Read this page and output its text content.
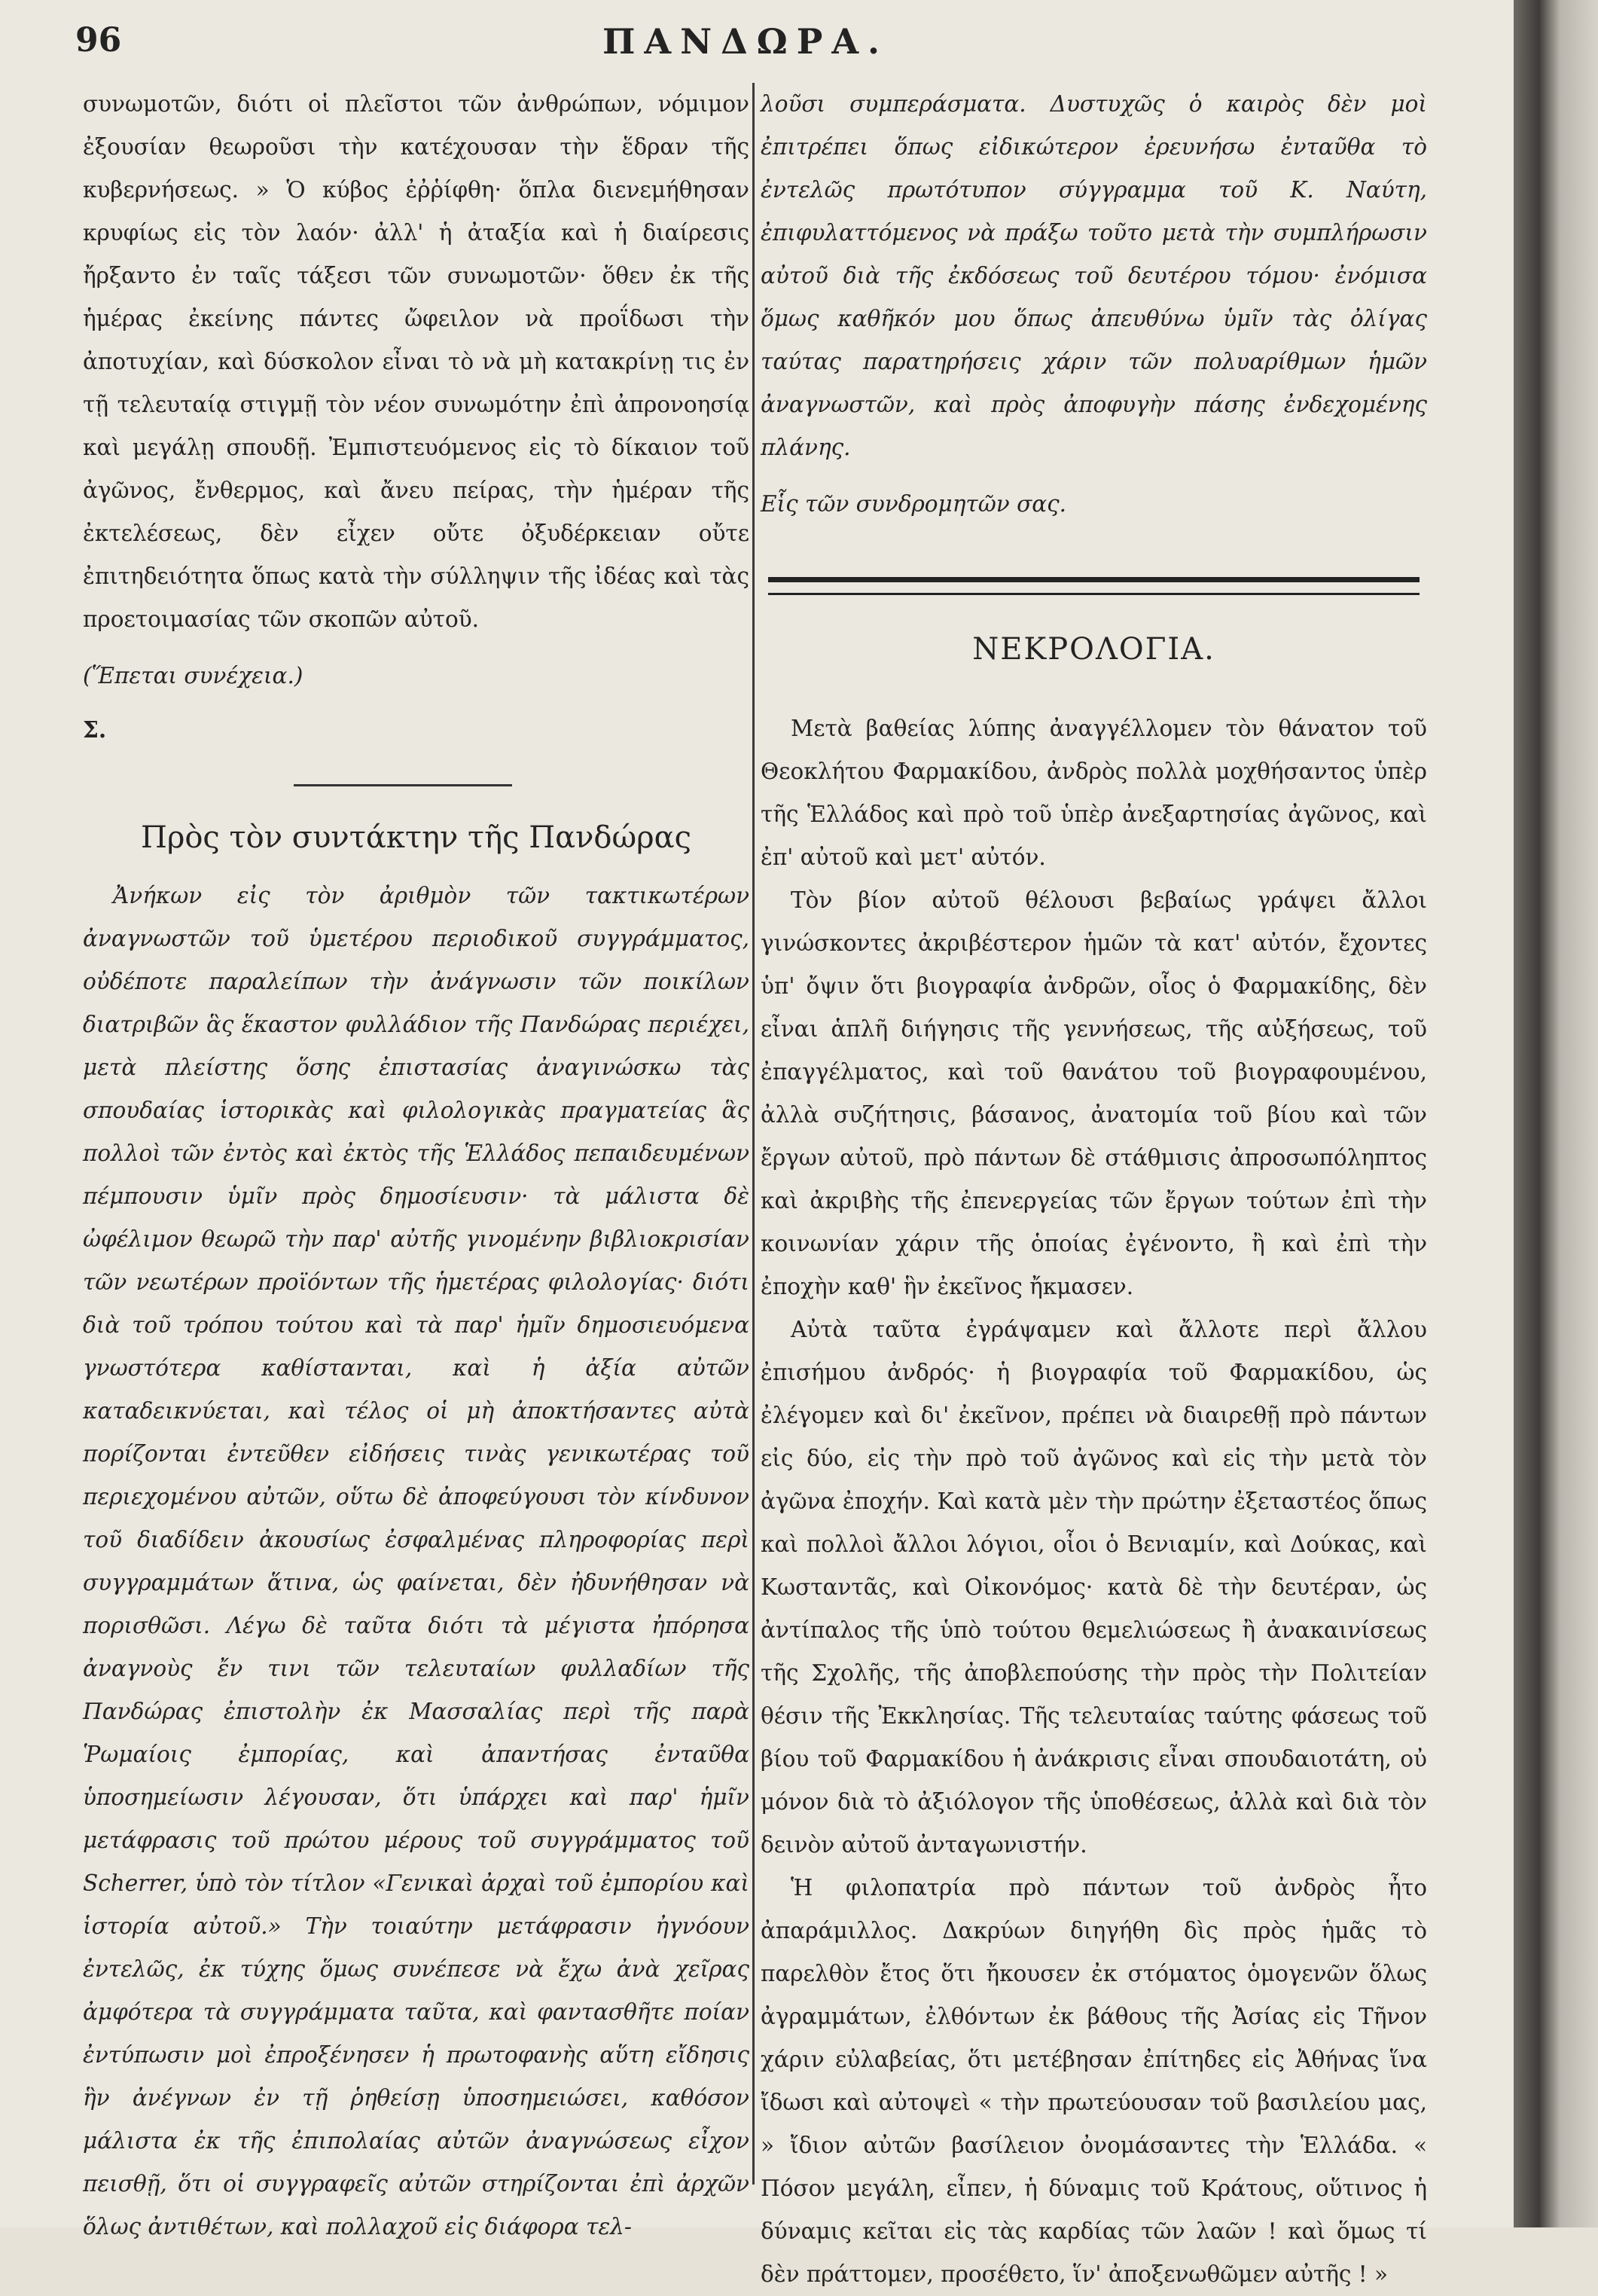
96	ΠΑΝΔΩΡΑ.

συνωμοτῶν, διότι οἱ πλεῖστοι τῶν ἀνθρώπων, νόμιμον ἐξουσίαν θεωροῦσι τὴν κατέχουσαν τὴν ἕδραν τῆς κυβερνήσεως. » Ὁ κύβος ἐῤῥίφθη· ὅπλα διενεμήθησαν κρυφίως εἰς τὸν λαόν· ἀλλ' ἡ ἀταξία καὶ ἡ διαίρεσις ἤρξαντο ἐν ταῖς τάξεσι τῶν συνωμοτῶν· ὅθεν ἐκ τῆς ἡμέρας ἐκείνης πάντες ὤφειλον νὰ προΐδωσι τὴν ἀποτυχίαν, καὶ δύσκολον εἶναι τὸ νὰ μὴ κατακρίνῃ τις ἐν τῇ τελευταίᾳ στιγμῇ τὸν νέον συνωμότην ἐπὶ ἀπρονοησίᾳ καὶ μεγάλῃ σπουδῇ. Ἐμπιστευόμενος εἰς τὸ δίκαιον τοῦ ἀγῶνος, ἔνθερμος, καὶ ἄνευ πείρας, τὴν ἡμέραν τῆς ἐκτελέσεως, δὲν εἶχεν οὔτε ὀξυδέρκειαν οὔτε ἐπιτηδειότητα ὅπως κατὰ τὴν σύλληψιν τῆς ἰδέας καὶ τὰς προετοιμασίας τῶν σκοπῶν αὐτοῦ.

(Ἕπεται συνέχεια.)

Σ.

Πρὸς τὸν συντάκτην τῆς Πανδώρας

Ἀνήκων εἰς τὸν ἀριθμὸν τῶν τακτικωτέρων ἀναγνωστῶν τοῦ ὑμετέρου περιοδικοῦ συγγράμματος, οὐδέποτε παραλείπων τὴν ἀνάγνωσιν τῶν ποικίλων διατριβῶν ἃς ἕκαστον φυλλάδιον τῆς Πανδώρας περιέχει, μετὰ πλείστης ὅσης ἐπιστασίας ἀναγινώσκω τὰς σπουδαίας ἱστορικὰς καὶ φιλολογικὰς πραγματείας ἃς πολλοὶ τῶν ἐντὸς καὶ ἐκτὸς τῆς Ἑλλάδος πεπαιδευμένων πέμπουσιν ὑμῖν πρὸς δημοσίευσιν· τὰ μάλιστα δὲ ὠφέλιμον θεωρῶ τὴν παρ' αὐτῆς γινομένην βιβλιοκρισίαν τῶν νεωτέρων προϊόντων τῆς ἡμετέρας φιλολογίας· διότι διὰ τοῦ τρόπου τούτου καὶ τὰ παρ' ἡμῖν δημοσιευόμενα γνωστότερα καθίστανται, καὶ ἡ ἀξία αὐτῶν καταδεικνύεται, καὶ τέλος οἱ μὴ ἀποκτήσαντες αὐτὰ πορίζονται ἐντεῦθεν εἰδήσεις τινὰς γενικωτέρας τοῦ περιεχομένου αὐτῶν, οὕτω δὲ ἀποφεύγουσι τὸν κίνδυνον τοῦ διαδίδειν ἀκουσίως ἐσφαλμένας πληροφορίας περὶ συγγραμμάτων ἅτινα, ὡς φαίνεται, δὲν ἠδυνήθησαν νὰ πορισθῶσι. Λέγω δὲ ταῦτα διότι τὰ μέγιστα ἠπόρησα ἀναγνοὺς ἔν τινι τῶν τελευταίων φυλλαδίων τῆς Πανδώρας ἐπιστολὴν ἐκ Μασσαλίας περὶ τῆς παρὰ Ῥωμαίοις ἐμπορίας, καὶ ἀπαντήσας ἐνταῦθα ὑποσημείωσιν λέγουσαν, ὅτι ὑπάρχει καὶ παρ' ἡμῖν μετάφρασις τοῦ πρώτου μέρους τοῦ συγγράμματος τοῦ Scherrer, ὑπὸ τὸν τίτλον «Γενικαὶ ἀρχαὶ τοῦ ἐμπορίου καὶ ἱστορία αὐτοῦ.» Τὴν τοιαύτην μετάφρασιν ἠγνόουν ἐντελῶς, ἐκ τύχης ὅμως συνέπεσε νὰ ἔχω ἀνὰ χεῖρας ἀμφότερα τὰ συγγράμματα ταῦτα, καὶ φαντασθῆτε ποίαν ἐντύπωσιν μοὶ ἐπροξένησεν ἡ πρωτοφανὴς αὕτη εἴδησις ἣν ἀνέγνων ἐν τῇ ῥηθείσῃ ὑποσημειώσει, καθόσον μάλιστα ἐκ τῆς ἐπιπολαίας αὐτῶν ἀναγνώσεως εἶχον πεισθῇ, ὅτι οἱ συγγραφεῖς αὐτῶν στηρίζονται ἐπὶ ἀρχῶν ὅλως ἀντιθέτων, καὶ πολλαχοῦ εἰς διάφορα τελ-

λοῦσι συμπεράσματα. Δυστυχῶς ὁ καιρὸς δὲν μοὶ ἐπιτρέπει ὅπως εἰδικώτερον ἐρευνήσω ἐνταῦθα τὸ ἐντελῶς πρωτότυπον σύγγραμμα τοῦ Κ. Ναύτη, ἐπιφυλαττόμενος νὰ πράξω τοῦτο μετὰ τὴν συμπλήρωσιν αὐτοῦ διὰ τῆς ἐκδόσεως τοῦ δευτέρου τόμου· ἐνόμισα ὅμως καθῆκόν μου ὅπως ἀπευθύνω ὑμῖν τὰς ὀλίγας ταύτας παρατηρήσεις χάριν τῶν πολυαρίθμων ἡμῶν ἀναγνωστῶν, καὶ πρὸς ἀποφυγὴν πάσης ἐνδεχομένης πλάνης.

Εἷς τῶν συνδρομητῶν σας.

ΝΕΚΡΟΛΟΓΙΑ.

Μετὰ βαθείας λύπης ἀναγγέλλομεν τὸν θάνατον τοῦ Θεοκλήτου Φαρμακίδου, ἀνδρὸς πολλὰ μοχθήσαντος ὑπὲρ τῆς Ἑλλάδος καὶ πρὸ τοῦ ὑπὲρ ἀνεξαρτησίας ἀγῶνος, καὶ ἐπ' αὐτοῦ καὶ μετ' αὐτόν.

Τὸν βίον αὐτοῦ θέλουσι βεβαίως γράψει ἄλλοι γινώσκοντες ἀκριβέστερον ἡμῶν τὰ κατ' αὐτόν, ἔχοντες ὑπ' ὄψιν ὅτι βιογραφία ἀνδρῶν, οἷος ὁ Φαρμακίδης, δὲν εἶναι ἁπλῆ διήγησις τῆς γεννήσεως, τῆς αὐξήσεως, τοῦ ἐπαγγέλματος, καὶ τοῦ θανάτου τοῦ βιογραφουμένου, ἀλλὰ συζήτησις, βάσανος, ἀνατομία τοῦ βίου καὶ τῶν ἔργων αὐτοῦ, πρὸ πάντων δὲ στάθμισις ἀπροσωπόληπτος καὶ ἀκριβὴς τῆς ἐπενεργείας τῶν ἔργων τούτων ἐπὶ τὴν κοινωνίαν χάριν τῆς ὁποίας ἐγένοντο, ἢ καὶ ἐπὶ τὴν ἐποχὴν καθ' ἣν ἐκεῖνος ἤκμασεν.

Αὐτὰ ταῦτα ἐγράψαμεν καὶ ἄλλοτε περὶ ἄλλου ἐπισήμου ἀνδρός· ἡ βιογραφία τοῦ Φαρμακίδου, ὡς ἐλέγομεν καὶ δι' ἐκεῖνον, πρέπει νὰ διαιρεθῇ πρὸ πάντων εἰς δύο, εἰς τὴν πρὸ τοῦ ἀγῶνος καὶ εἰς τὴν μετὰ τὸν ἀγῶνα ἐποχήν. Καὶ κατὰ μὲν τὴν πρώτην ἐξεταστέος ὅπως καὶ πολλοὶ ἄλλοι λόγιοι, οἷοι ὁ Βενιαμίν, καὶ Δούκας, καὶ Κωσταντᾶς, καὶ Οἰκονόμος· κατὰ δὲ τὴν δευτέραν, ὡς ἀντίπαλος τῆς ὑπὸ τούτου θεμελιώσεως ἢ ἀνακαινίσεως τῆς Σχολῆς, τῆς ἀποβλεπούσης τὴν πρὸς τὴν Πολιτείαν θέσιν τῆς Ἐκκλησίας. Τῆς τελευταίας ταύτης φάσεως τοῦ βίου τοῦ Φαρμακίδου ἡ ἀνάκρισις εἶναι σπουδαιοτάτη, οὐ μόνον διὰ τὸ ἀξιόλογον τῆς ὑποθέσεως, ἀλλὰ καὶ διὰ τὸν δεινὸν αὐτοῦ ἀνταγωνιστήν.

Ἡ φιλοπατρία πρὸ πάντων τοῦ ἀνδρὸς ἦτο ἀπαράμιλλος. Δακρύων διηγήθη δὶς πρὸς ἡμᾶς τὸ παρελθὸν ἔτος ὅτι ἤκουσεν ἐκ στόματος ὁμογενῶν ὅλως ἀγραμμάτων, ἐλθόντων ἐκ βάθους τῆς Ἀσίας εἰς Τῆνον χάριν εὐλαβείας, ὅτι μετέβησαν ἐπίτηδες εἰς Ἀθήνας ἵνα ἴδωσι καὶ αὐτοψεὶ « τὴν πρωτεύουσαν τοῦ βασιλείου μας, » ἴδιον αὐτῶν βασίλειον ὀνομάσαντες τὴν Ἑλλάδα. « Πόσον μεγάλη, εἶπεν, ἡ δύναμις τοῦ Κράτους, οὕτινος ἡ δύναμις κεῖται εἰς τὰς καρδίας τῶν λαῶν ! καὶ ὅμως τί δὲν πράττομεν, προσέθετο, ἵν' ἀποξενωθῶμεν αὐτῆς ! »
